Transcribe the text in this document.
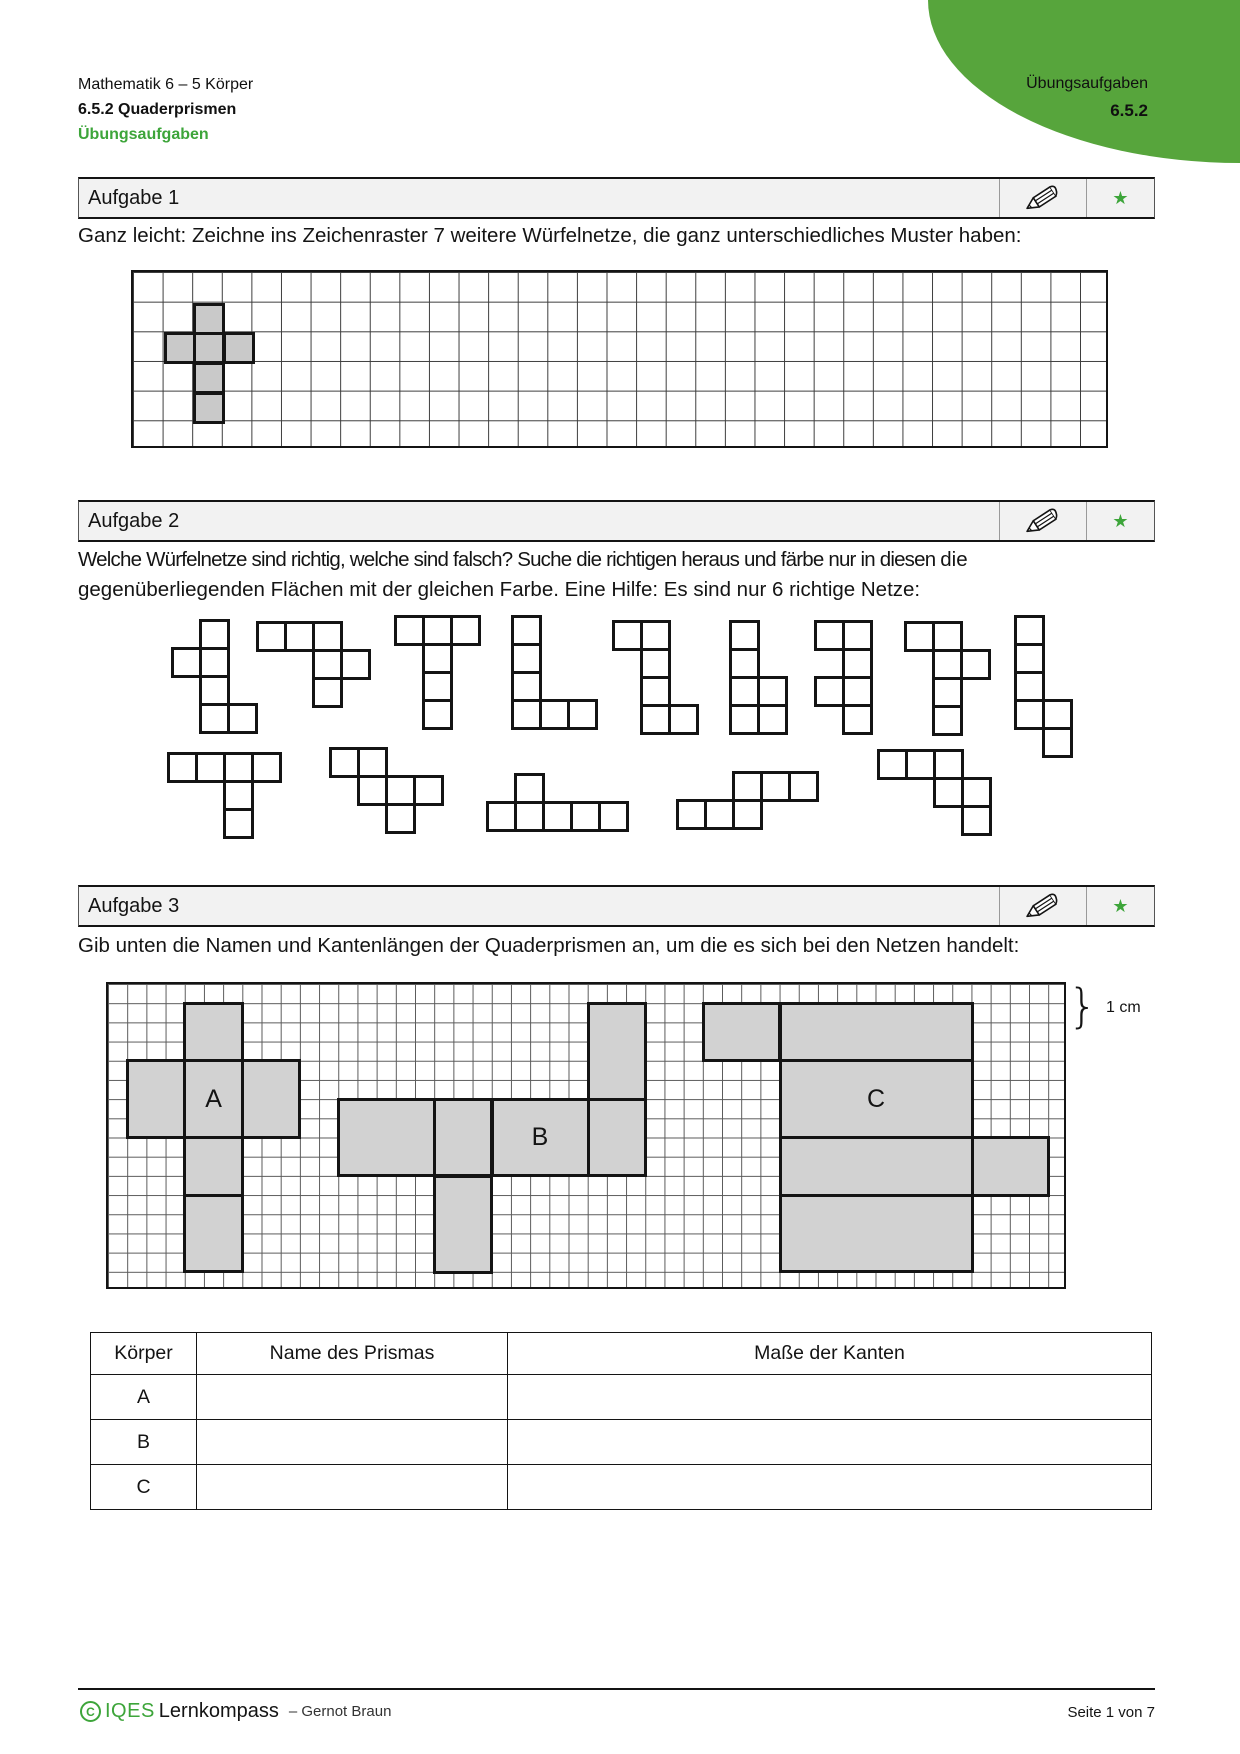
Übungsaufgaben
6.5.2
Mathematik 6 – 5 Körper
6.5.2 Quaderprismen
Übungsaufgaben
Aufgabe 1	★
Ganz leicht: Zeichne ins Zeichenraster 7 weitere Würfelnetze, die ganz unterschiedliches Muster haben:
Aufgabe 2	★
Welche Würfelnetze sind richtig, welche sind falsch? Suche die richtigen heraus und färbe nur in diesen die
gegenüberliegenden Flächen mit der gleichen Farbe. Eine Hilfe: Es sind nur 6 richtige Netze:
Aufgabe 3	★
Gib unten die Namen und Kantenlängen der Quaderprismen an, um die es sich bei den Netzen handelt:
A
B
C
} 1 cm
Körper	Name des Prismas	Maße der Kanten
A		
B		
C		
C IQES Lernkompass – Gernot Braun	Seite 1 von 7
